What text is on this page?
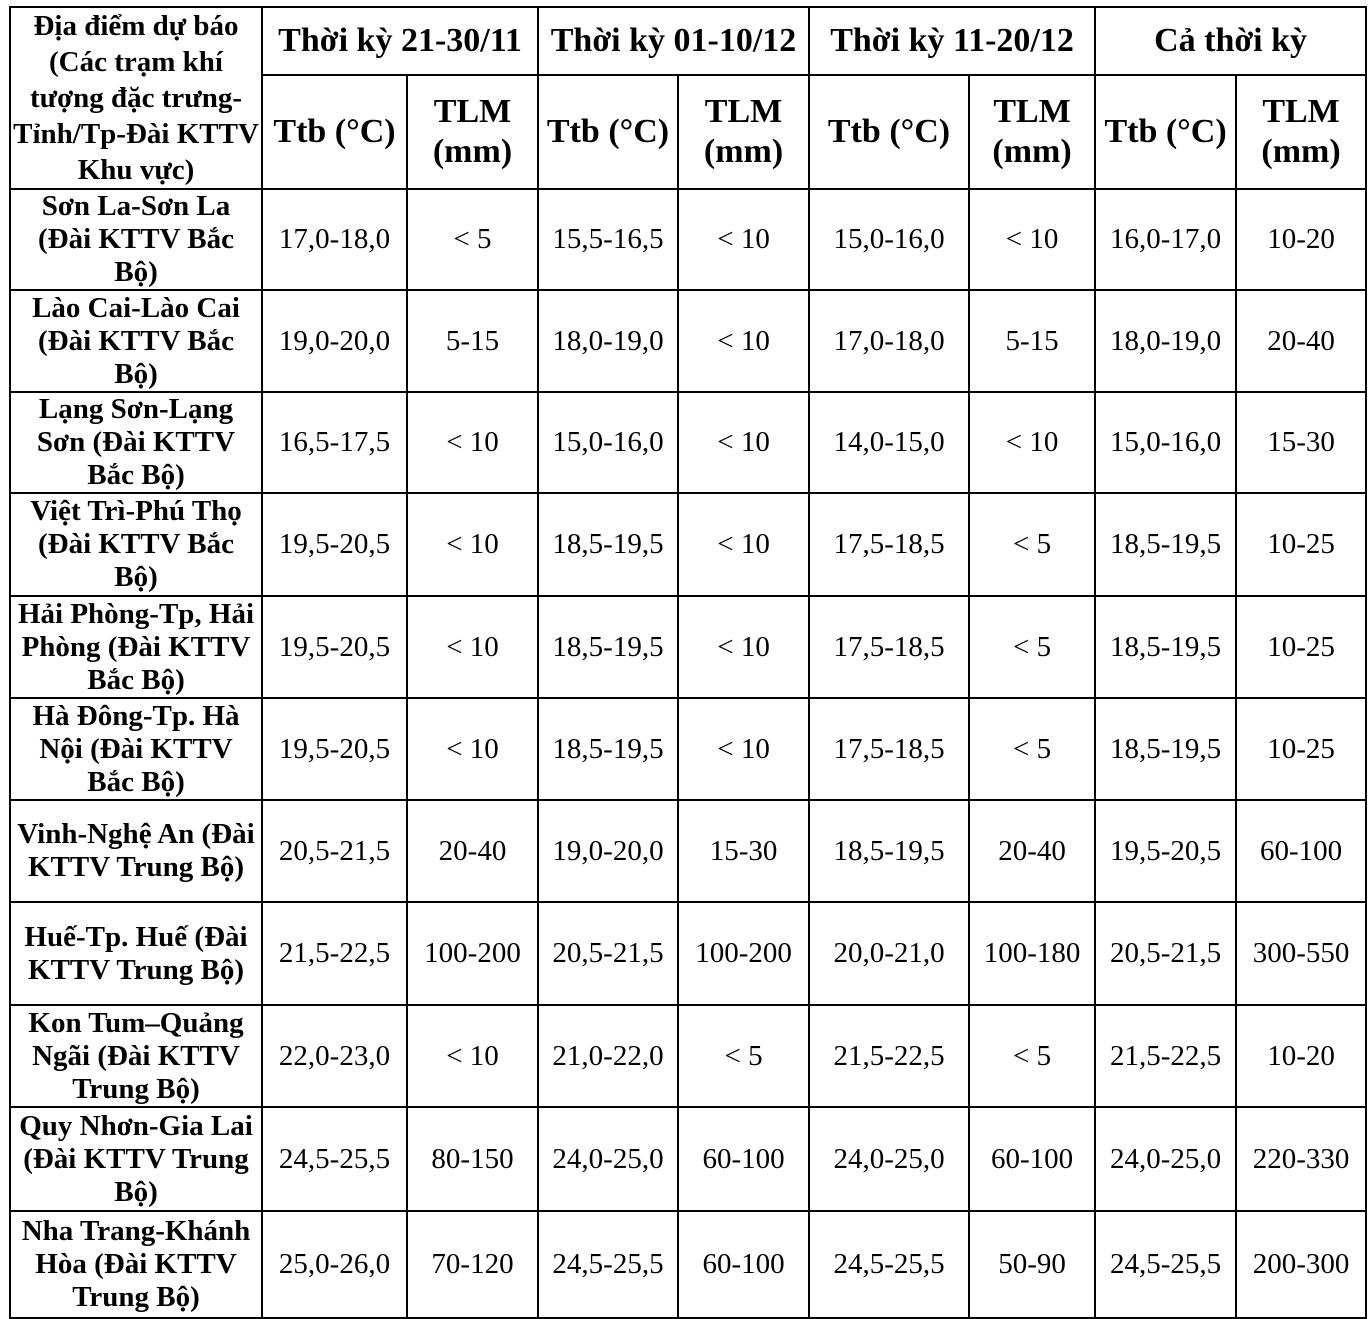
Địa điểm dự báo (Các trạm khí tượng đặc trưng-Tỉnh/Tp-Đài KTTV Khu vực)	Thời kỳ 21-30/11		Thời kỳ 01-10/12		Thời kỳ 11-20/12		Cả thời kỳ	
	Ttb (°C)	TLM (mm)	Ttb (°C)	TLM (mm)	Ttb (°C)	TLM (mm)	Ttb (°C)	TLM (mm)
Sơn La-Sơn La (Đài KTTV Bắc Bộ)	17,0-18,0	< 5	15,5-16,5	< 10	15,0-16,0	< 10	16,0-17,0	10-20
Lào Cai-Lào Cai (Đài KTTV Bắc Bộ)	19,0-20,0	5-15	18,0-19,0	< 10	17,0-18,0	5-15	18,0-19,0	20-40
Lạng Sơn-Lạng Sơn (Đài KTTV Bắc Bộ)	16,5-17,5	< 10	15,0-16,0	< 10	14,0-15,0	< 10	15,0-16,0	15-30
Việt Trì-Phú Thọ (Đài KTTV Bắc Bộ)	19,5-20,5	< 10	18,5-19,5	< 10	17,5-18,5	< 5	18,5-19,5	10-25
Hải Phòng-Tp, Hải Phòng (Đài KTTV Bắc Bộ)	19,5-20,5	< 10	18,5-19,5	< 10	17,5-18,5	< 5	18,5-19,5	10-25
Hà Đông-Tp. Hà Nội (Đài KTTV Bắc Bộ)	19,5-20,5	< 10	18,5-19,5	< 10	17,5-18,5	< 5	18,5-19,5	10-25
Vinh-Nghệ An (Đài KTTV Trung Bộ)	20,5-21,5	20-40	19,0-20,0	15-30	18,5-19,5	20-40	19,5-20,5	60-100
Huế-Tp. Huế (Đài KTTV Trung Bộ)	21,5-22,5	100-200	20,5-21,5	100-200	20,0-21,0	100-180	20,5-21,5	300-550
Kon Tum–Quảng Ngãi (Đài KTTV Trung Bộ)	22,0-23,0	< 10	21,0-22,0	< 5	21,5-22,5	< 5	21,5-22,5	10-20
Quy Nhơn-Gia Lai (Đài KTTV Trung Bộ)	24,5-25,5	80-150	24,0-25,0	60-100	24,0-25,0	60-100	24,0-25,0	220-330
Nha Trang-Khánh Hòa (Đài KTTV Trung Bộ)	25,0-26,0	70-120	24,5-25,5	60-100	24,5-25,5	50-90	24,5-25,5	200-300
